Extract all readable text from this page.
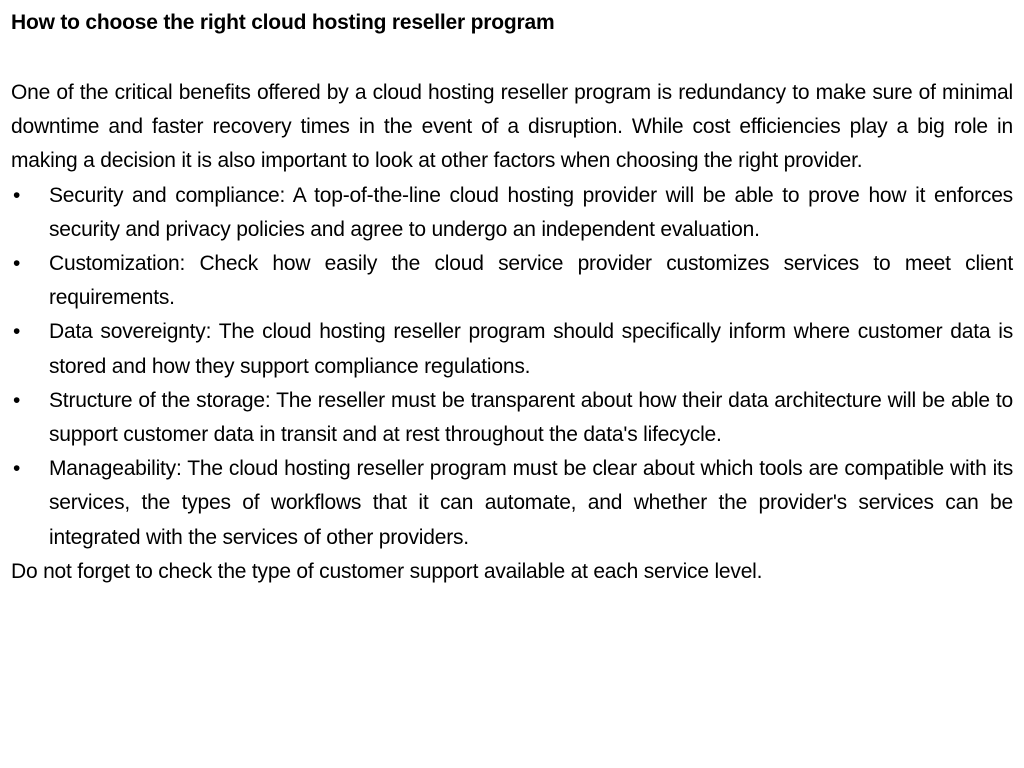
How to choose the right cloud hosting reseller program

One of the critical benefits offered by a cloud hosting reseller program is redundancy to make sure of minimal downtime and faster recovery times in the event of a disruption. While cost efficiencies play a big role in making a decision it is also important to look at other factors when choosing the right provider.

• Security and compliance: A top-of-the-line cloud hosting provider will be able to prove how it enforces security and privacy policies and agree to undergo an independent evaluation.
• Customization: Check how easily the cloud service provider customizes services to meet client requirements.
• Data sovereignty: The cloud hosting reseller program should specifically inform where customer data is stored and how they support compliance regulations.
• Structure of the storage: The reseller must be transparent about how their data architecture will be able to support customer data in transit and at rest throughout the data's lifecycle.
• Manageability: The cloud hosting reseller program must be clear about which tools are compatible with its services, the types of workflows that it can automate, and whether the provider's services can be integrated with the services of other providers.

Do not forget to check the type of customer support available at each service level.
